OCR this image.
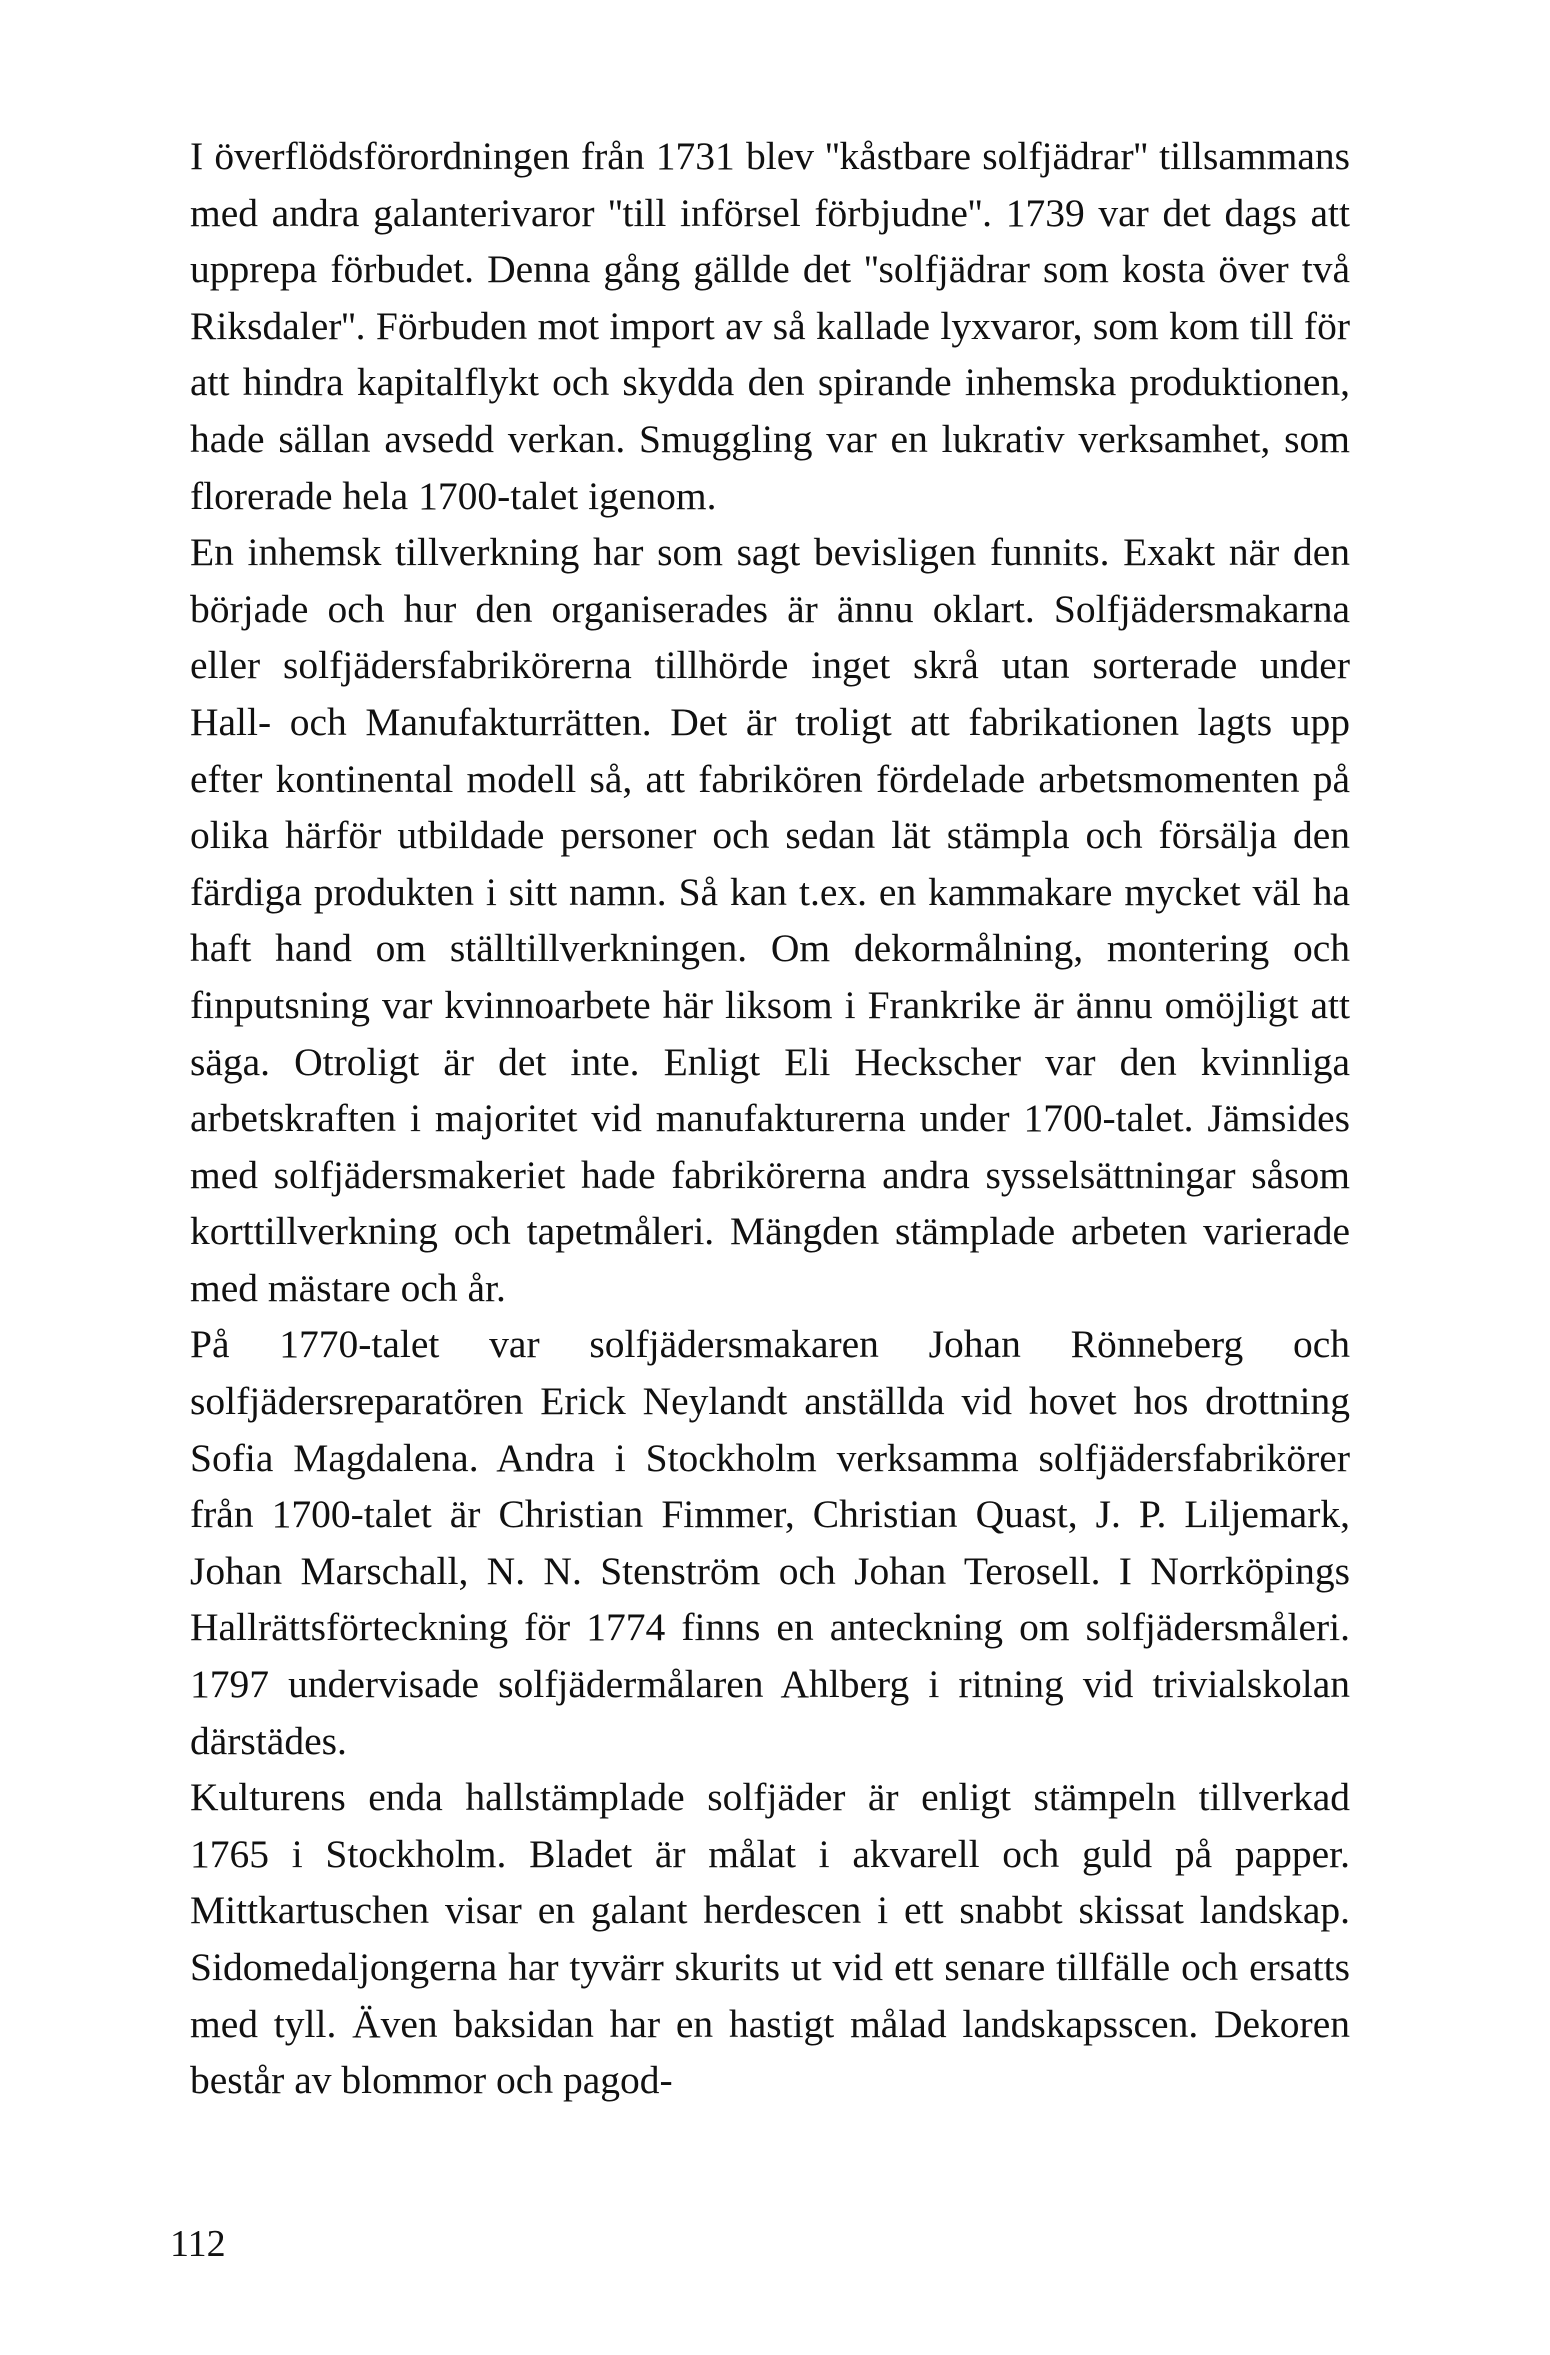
I överflödsförordningen från 1731 blev ''kåstbare solfjädrar'' tillsammans med andra galanterivaror ''till införsel förbjudne''. 1739 var det dags att upprepa förbudet. Denna gång gällde det ''solfjädrar som kosta över två Riksdaler''. Förbuden mot import av så kallade lyxvaror, som kom till för att hindra kapitalflykt och skydda den spirande inhemska produktionen, hade sällan avsedd verkan. Smuggling var en lukrativ verksamhet, som florerade hela 1700-talet igenom.

En inhemsk tillverkning har som sagt bevisligen funnits. Exakt när den började och hur den organiserades är ännu oklart. Solfjädersmakarna eller solfjädersfabrikörerna tillhörde inget skrå utan sorterade under Hall- och Manufakturrätten. Det är troligt att fabrikationen lagts upp efter kontinental modell så, att fabrikören fördelade arbetsmomenten på olika härför utbildade personer och sedan lät stämpla och försälja den färdiga produkten i sitt namn. Så kan t.ex. en kammakare mycket väl ha haft hand om ställtillverkningen. Om dekormålning, montering och finputsning var kvinnoarbete här liksom i Frankrike är ännu omöjligt att säga. Otroligt är det inte. Enligt Eli Heckscher var den kvinnliga arbetskraften i majoritet vid manufakturerna under 1700-talet. Jämsides med solfjädersmakeriet hade fabrikörerna andra sysselsättningar såsom korttillverkning och tapetmåleri. Mängden stämplade arbeten varierade med mästare och år.

På 1770-talet var solfjädersmakaren Johan Rönneberg och solfjädersreparatören Erick Neylandt anställda vid hovet hos drottning Sofia Magdalena. Andra i Stockholm verksamma solfjädersfabrikörer från 1700-talet är Christian Fimmer, Christian Quast, J. P. Liljemark, Johan Marschall, N. N. Stenström och Johan Terosell. I Norrköpings Hallrättsförteckning för 1774 finns en anteckning om solfjädersmåleri. 1797 undervisade solfjädermålaren Ahlberg i ritning vid trivialskolan därstädes.

Kulturens enda hallstämplade solfjäder är enligt stämpeln tillverkad 1765 i Stockholm. Bladet är målat i akvarell och guld på papper. Mittkartuschen visar en galant herdescen i ett snabbt skissat landskap. Sidomedaljongerna har tyvärr skurits ut vid ett senare tillfälle och ersatts med tyll. Även baksidan har en hastigt målad landskapsscen. Dekoren består av blommor och pagod-

112
